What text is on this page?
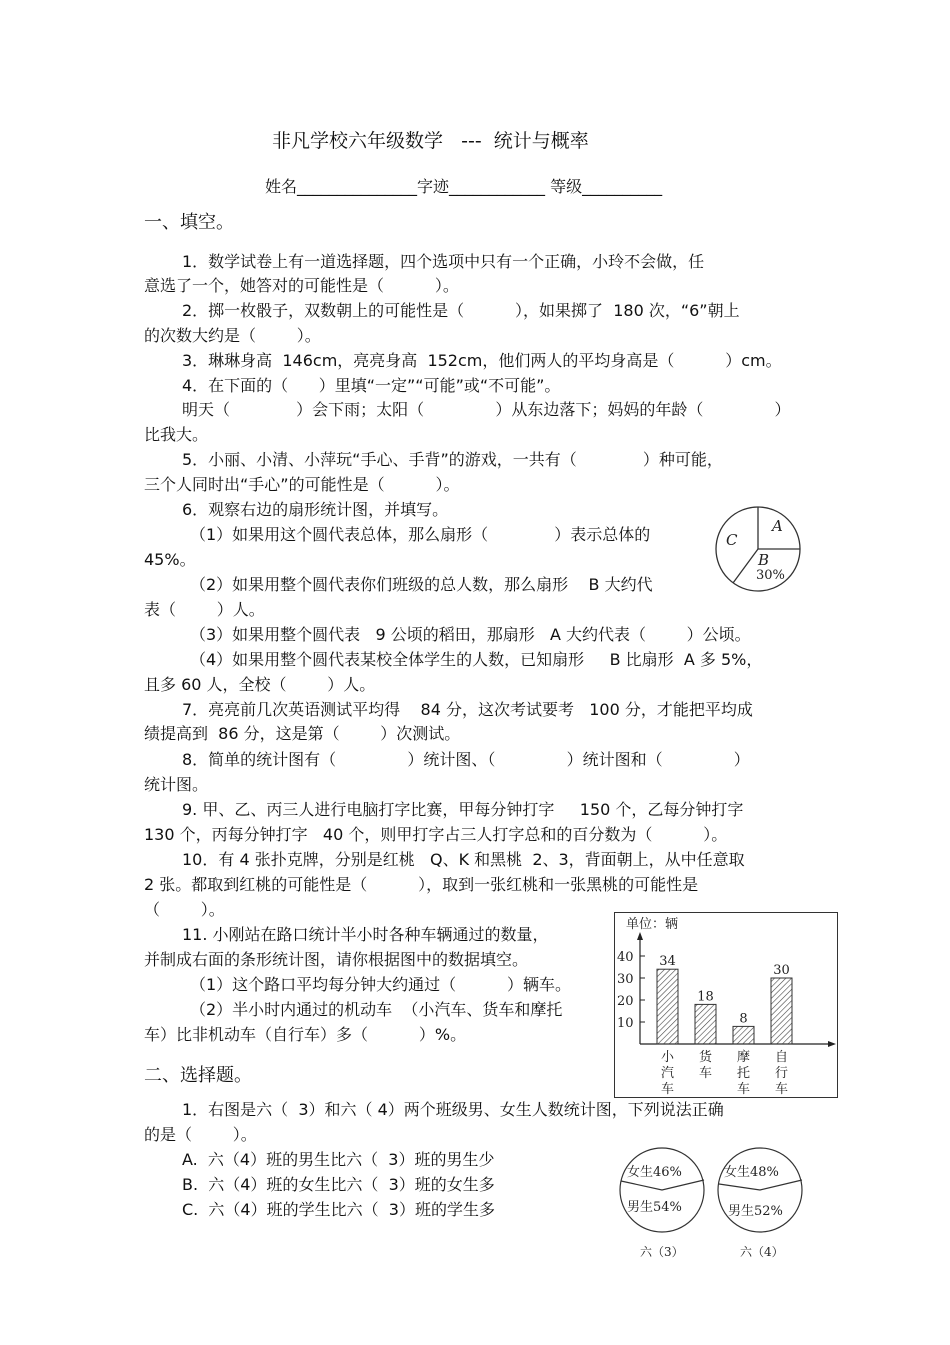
非凡学校六年级数学   ---  统计与概率
姓名_______________字迹____________ 等级__________
一、填空。
1．数学试卷上有一道选择题，四个选项中只有一个正确，小玲不会做，任
意选了一个，她答对的可能性是（          ）。
2．掷一枚骰子，双数朝上的可能性是（          ），如果掷了  180 次，“6”朝上
的次数大约是（        ）。
3．琳琳身高  146cm，亮亮身高  152cm，他们两人的平均身高是（          ）cm。
4．在下面的（      ）里填“一定”“可能”或“不可能”。
明天（             ）会下雨；太阳（              ）从东边落下；妈妈的年龄（              ）
比我大。
5．小丽、小清、小萍玩“手心、手背”的游戏，一共有（             ）种可能，
三个人同时出“手心”的可能性是（          ）。
6．观察右边的扇形统计图，并填写。
（1）如果用这个圆代表总体，那么扇形（             ）表示总体的
45%。
（2）如果用整个圆代表你们班级的总人数，那么扇形    B 大约代
表（        ）人。
（3）如果用整个圆代表   9 公顷的稻田，那扇形   A 大约代表（        ）公顷。
（4）如果用整个圆代表某校全体学生的人数，已知扇形     B 比扇形  A 多 5%，
且多 60 人，全校（        ）人。
7．亮亮前几次英语测试平均得    84 分，这次考试要考   100 分，才能把平均成
绩提高到  86 分，这是第（        ）次测试。
8．简单的统计图有（              ）统计图、（              ）统计图和（              ）
统计图。
9. 甲、乙、丙三人进行电脑打字比赛，甲每分钟打字     150 个，乙每分钟打字
130 个，丙每分钟打字   40 个，则甲打字占三人打字总和的百分数为（          ）。
10．有 4 张扑克牌，分别是红桃   Q、K 和黑桃  2、3，背面朝上，从中任意取
2 张。都取到红桃的可能性是（          ），取到一张红桃和一张黑桃的可能性是
（        ）。
11. 小刚站在路口统计半小时各种车辆通过的数量，
并制成右面的条形统计图，请你根据图中的数据填空。
（1）这个路口平均每分钟大约通过（          ）辆车。
（2）半小时内通过的机动车  （小汽车、货车和摩托
车）比非机动车（自行车）多（          ）%。
二、选择题。
1．右图是六（  3）和六（ 4）两个班级男、女生人数统计图，下列说法正确
的是（        ）。
A.  六（4）班的男生比六（  3）班的男生少
B.  六（4）班的女生比六（  3）班的女生多
C.  六（4）班的学生比六（  3）班的学生多
A
B
C
30%
单位：辆
40
30
20
10
34
18
8
30
小汽车
货车
摩托车
自行车
女生46%
男生54%
六（3）
女生48%
男生52%
六（4）
